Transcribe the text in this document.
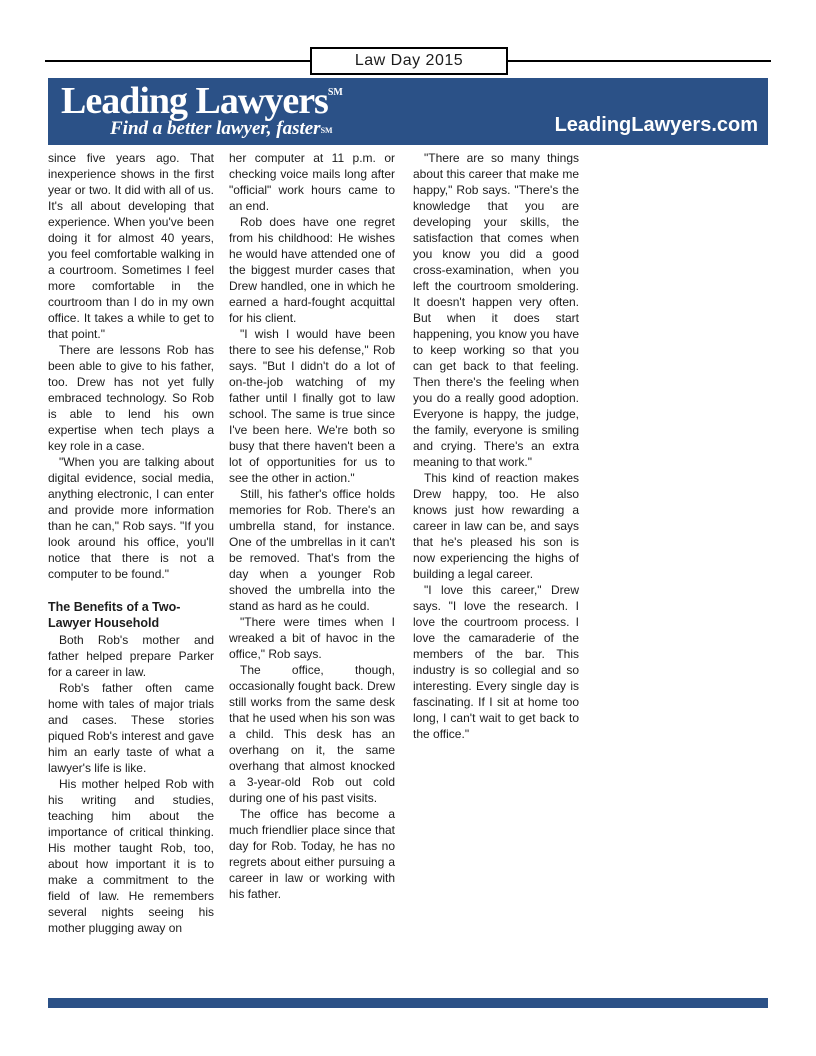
Law Day 2015
Leading Lawyers℠
Find a better lawyer, faster℠	LeadingLawyers.com

since five years ago. That inexperience shows in the first year or two. It did with all of us. It's all about developing that experience. When you've been doing it for almost 40 years, you feel comfortable walking in a courtroom. Sometimes I feel more comfortable in the courtroom than I do in my own office. It takes a while to get to that point."

There are lessons Rob has been able to give to his father, too. Drew has not yet fully embraced technology. So Rob is able to lend his own expertise when tech plays a key role in a case.

"When you are talking about digital evidence, social media, anything electronic, I can enter and provide more information than he can," Rob says. "If you look around his office, you'll notice that there is not a computer to be found."

The Benefits of a Two-Lawyer Household

Both Rob's mother and father helped prepare Parker for a career in law.

Rob's father often came home with tales of major trials and cases. These stories piqued Rob's interest and gave him an early taste of what a lawyer's life is like.

His mother helped Rob with his writing and studies, teaching him about the importance of critical thinking. His mother taught Rob, too, about how important it is to make a commitment to the field of law. He remembers several nights seeing his mother plugging away on

her computer at 11 p.m. or checking voice mails long after "official" work hours came to an end.

Rob does have one regret from his childhood: He wishes he would have attended one of the biggest murder cases that Drew handled, one in which he earned a hard-fought acquittal for his client.

"I wish I would have been there to see his defense," Rob says. "But I didn't do a lot of on-the-job watching of my father until I finally got to law school. The same is true since I've been here. We're both so busy that there haven't been a lot of opportunities for us to see the other in action."

Still, his father's office holds memories for Rob. There's an umbrella stand, for instance. One of the umbrellas in it can't be removed. That's from the day when a younger Rob shoved the umbrella into the stand as hard as he could.

"There were times when I wreaked a bit of havoc in the office," Rob says.

The office, though, occasionally fought back. Drew still works from the same desk that he used when his son was a child. This desk has an overhang on it, the same overhang that almost knocked a 3-year-old Rob out cold during one of his past visits.

The office has become a much friendlier place since that day for Rob. Today, he has no regrets about either pursuing a career in law or working with his father.

"There are so many things about this career that make me happy," Rob says. "There's the knowledge that you are developing your skills, the satisfaction that comes when you know you did a good cross-examination, when you left the courtroom smoldering. It doesn't happen very often. But when it does start happening, you know you have to keep working so that you can get back to that feeling. Then there's the feeling when you do a really good adoption. Everyone is happy, the judge, the family, everyone is smiling and crying. There's an extra meaning to that work."

This kind of reaction makes Drew happy, too. He also knows just how rewarding a career in law can be, and says that he's pleased his son is now experiencing the highs of building a legal career.

"I love this career," Drew says. "I love the research. I love the courtroom process. I love the camaraderie of the members of the bar. This industry is so collegial and so interesting. Every single day is fascinating. If I sit at home too long, I can't wait to get back to the office."
